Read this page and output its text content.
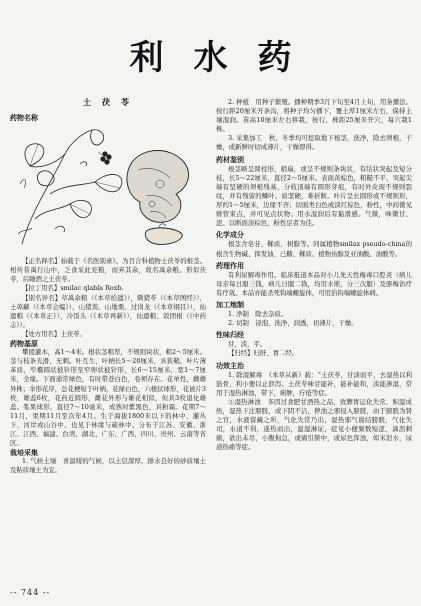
利水药
土 茯 苓
药物名称

【正名释名】始载于《名医别录》。为百合科植物土茯苓的根茎。相传昔禹行山中，乏食采此充粮，而弃其余，故名禹余粮。形似茯苓，后睡酒之土茯苓。

【拉丁用名】smilac qlabla Roxb.

【别名异名】草禹余粮（《本草拾遗》），刺猪苓（《本草图经》），土萆薢（《本草会编》），山猪粪、山地栗、过岗龙（《本草纲目》），仙遗粮（《本草正》），冷饭头（《本草再新》），仙遗粮、饭团根（《中药志》）。

【处方用名】土茯苓。

药物基原

攀援灌木，高1～4米。根状茎粗厚，不规则块状，粗2～5厘米。茎与枝条光滑，无刺。叶互生，叶柄长5～20厘米，具狭鞘，叶片薄革质，窄椭圆状披针形至窄卵状披针形，长6～15厘米，宽1～7厘米，全缘。下面通常绿色，有时带苍白色，卷须存在。花单性，雌雄异株；伞形花序，总花梗短于叶柄，花绿白色，六棱状球形，花被片3枚，雄蕊6枚，花药近圆形，雌花外形与雄花相似，但具3枚退化雄蕊。浆果球形，直径7～10毫米，成熟时紫黑色，具粉霜。花期7～11月，果期11月至次年4月。生于海拔1800米以下的林中、灌丛下、河岸或山谷中，也见于林缘与疏林中。分布于江苏、安徽、浙江、江西、福建、台湾、湖北、广东、广西、四川、贵州、云南等省区。

栽培采集

1. 气候土壤　喜温暖的气候，以土层深厚，排水良好的砂质壤土及粘质壤土为宜。

2. 种植　用种子繁殖。播种期季3月下旬至4月上旬，用条播法。按行距20厘米开条沟，将种子均匀播下，覆土厚1厘米左右，保持土壤湿润。苗高10厘米左右移栽，按行、株距25厘米开穴，每穴栽1株。

3. 采集加工　秋、冬季均可挖取地下根茎，洗净，除去须根，干燥，或新鲜时切成薄片，干燥即得。

药材鉴别

根茎略呈圆柱形，稍扁，或呈不规则条块状，有结状突起及短分枝，长5～22厘米，直径2～5厘米。表面黄棕色，粗糙不平，突起尖端有坚硬的须根残基，分枝顶端有圆形芽痕，有时外皮现不规则裂纹，并有残留的鳞叶。质坚硬，难折断。叶片呈长圆形或不规则形，厚约1～5厘米，边缘不齐；切面类白色或淡红棕色，粉性，中间微见维管束点，并可见点状物；用水湿润后有黏滑感。气微，味微甘、涩。以断面淡棕色，粉性足者为佳。

化学成分

根茎含皂苷、鞣质、树脂等。同属植物smilax pseudo-china的根含生物碱、挥发油、已糖、鞣质、植物甾醇及亚油酸、油酸等。

药理作用

有利尿解毒作用。临床报道本品对小儿先天性梅毒口腔炎（病儿母亲每日服三钱，病儿日服二钱，均用水煎，分三次服）及驱梅治疗有疗效。本品亦能杀死钩端螺旋体，可用治钩端螺旋体病。

加工炮制

1. 净制　除去杂质。

2. 切制　浸泡，洗净，润透，切薄片，干燥。

性味归经

甘，淡，平。

【归经】归肝、胃二经。

功效主治

1. 除湿解毒　《本草从新》载：“土茯苓，甘淡而平，去湿热以利筋骨，利小便以止泄泻。土茯苓味甘能补，能补能和，淡能渗湿，常用于湿热淋浊，带下，痈肿，疔疮等症。

②湿热淋浊　多因过食肥甘酒热之品，致脾胃运化失常，积湿成热，湿热下注膀胱，或下阴不洁，秽浊之邪侵入膀胱，由于膀胱为肾之官，水液留藏之所，气化失常乃出，湿热邪气遏结膀胱，气化失司，水道不利，遂热而出，湿湿淋证，症见小便频数短涩，滴沥刺痛，欲出未尽，小腹拘急，或痛引脐中，或尿色浑浊，如米泔水，尿道热痛等症。

-- 744 --
